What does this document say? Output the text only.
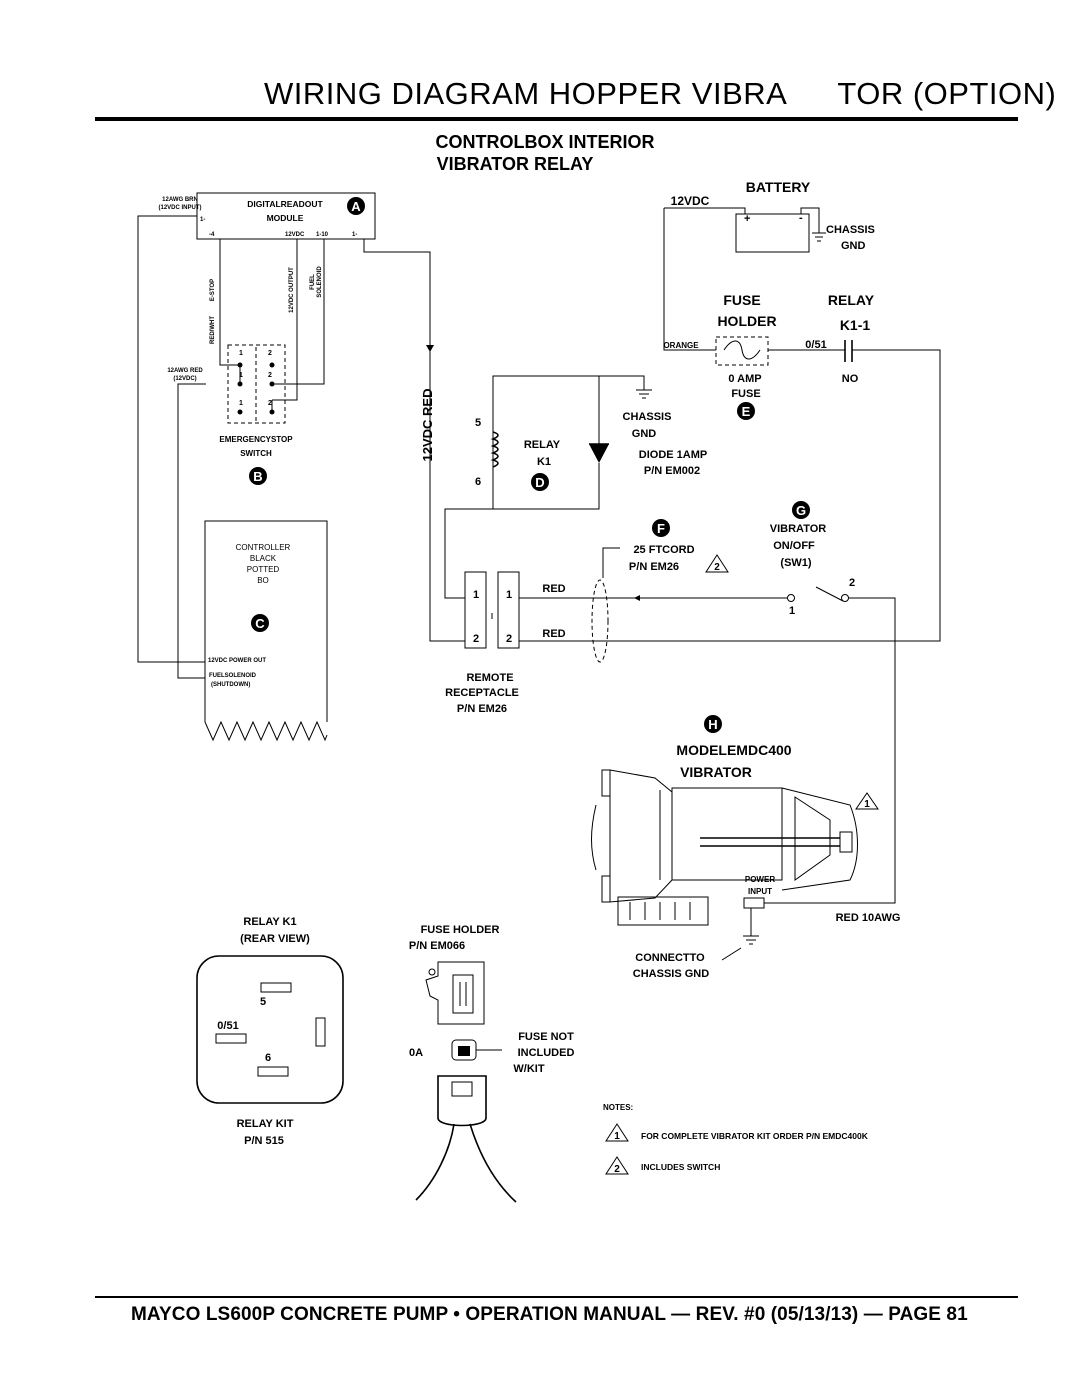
WIRING DIAGRAM HOPPER VIBRA TOR (OPTION)
CONTROLBOX INTERIOR
VIBRATOR RELAY
12AWG BRN
(12VDC INPUT)	DIGITALREADOUT
MODULE
A
1-
-4	12VDC 1-10	1-
E-STOP
RED/WHT
12VDC OUTPUT	FUEL SOLENOID
12VDC RED
12AWG RED
(12VDC)
1	2
1	2
1	2
EMERGENCYSTOP
SWITCH
B
CONTROLLER
BLACK
POTTED
BO
C
12VDC POWER OUT
FUELSOLENOID
(SHUTDOWN)
BATTERY
12VDC
+	-
CHASSIS
GND
FUSE
HOLDER
ORANGE
0 AMP
FUSE
E
RELAY
K1-1
0/51
NO
CHASSIS
GND
5
6
RELAY
K1
D
DIODE 1AMP
P/N EM002
1 1
2 2
REMOTE
RECEPTACLE
P/N EM26
F
25 FTCORD
P/N EM26	2
RED
RED
G
VIBRATOR
ON/OFF
(SW1)
2
1
H
MODELEMDC400
VIBRATOR
1
POWER
INPUT
RED 10AWG
CONNECTTO
CHASSIS GND
RELAY K1
(REAR VIEW)
5
0/51
6
RELAY KIT
P/N 515
FUSE HOLDER
P/N EM066
0A
FUSE NOT
INCLUDED
W/KIT
NOTES:
1 FOR COMPLETE VIBRATOR KIT ORDER P/N EMDC400K
2 INCLUDES SWITCH
MAYCO LS600P CONCRETE PUMP • OPERATION MANUAL — REV. #0 (05/13/13) — PAGE 81
